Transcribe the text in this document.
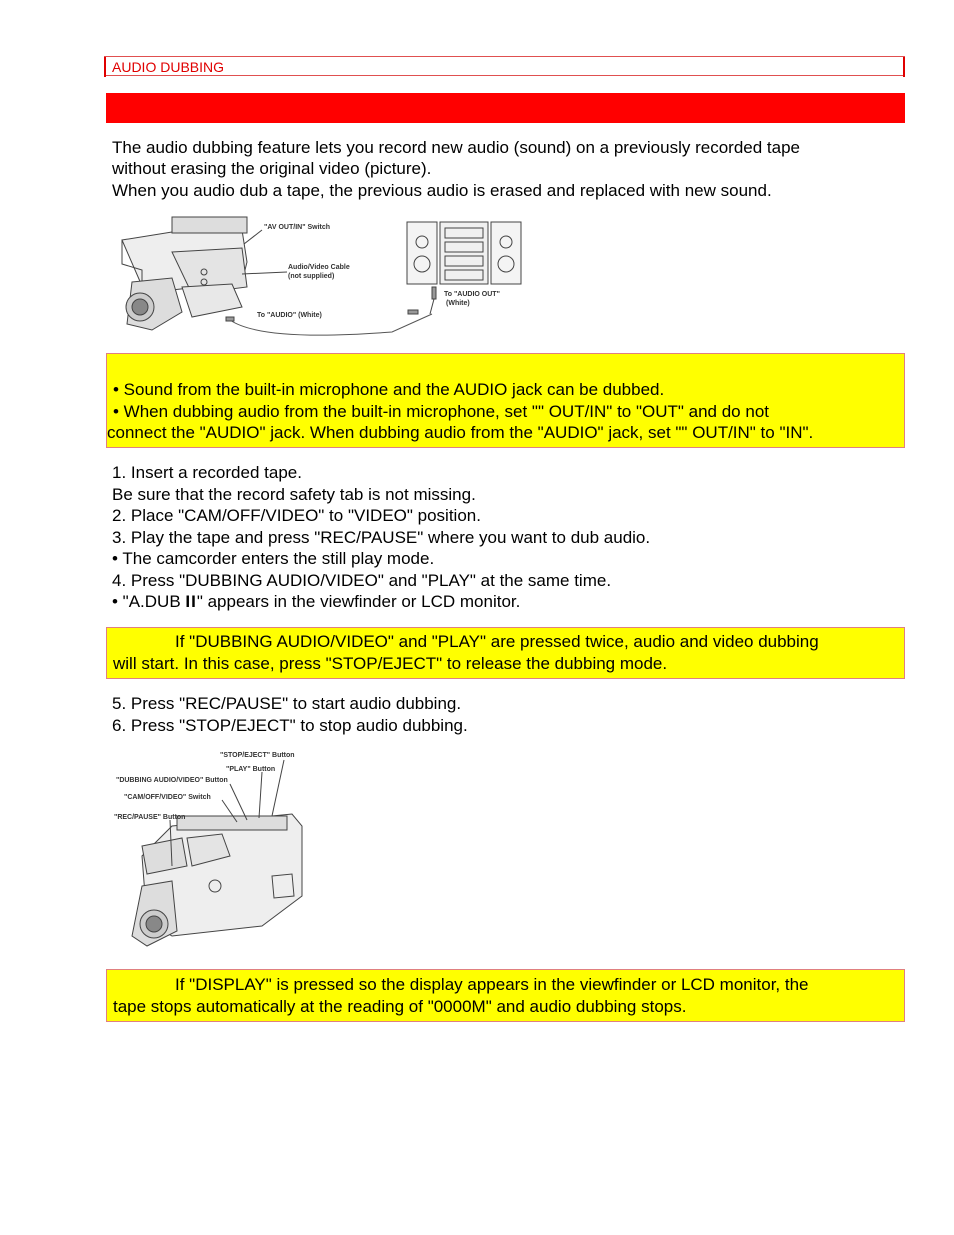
AUDIO DUBBING
The audio dubbing feature lets you record new audio (sound) on a previously recorded tape
without erasing the original video (picture).
When you audio dub a tape, the previous audio is erased and replaced with new sound.
"AV OUT/IN" Switch
Audio/Video Cable
(not supplied)
To "AUDIO OUT"
(White)
To "AUDIO" (White)
• Sound from the built-in microphone and the AUDIO jack can be dubbed.
• When dubbing audio from the built-in microphone, set "" OUT/IN" to "OUT" and do not
connect the "AUDIO" jack. When dubbing audio from the "AUDIO" jack, set "" OUT/IN" to "IN".
1. Insert a recorded tape.
Be sure that the record safety tab is not missing.
2. Place "CAM/OFF/VIDEO" to "VIDEO" position.
3. Play the tape and press "REC/PAUSE" where you want to dub audio.
• The camcorder enters the still play mode.
4. Press "DUBBING AUDIO/VIDEO" and "PLAY" at the same time.
• "A.DUB II" appears in the viewfinder or LCD monitor.
If "DUBBING AUDIO/VIDEO" and "PLAY" are pressed twice, audio and video dubbing
will start. In this case, press "STOP/EJECT" to release the dubbing mode.
5. Press "REC/PAUSE" to start audio dubbing.
6. Press "STOP/EJECT" to stop audio dubbing.
"STOP/EJECT" Button
"PLAY" Button
"DUBBING AUDIO/VIDEO" Button
"CAM/OFF/VIDEO" Switch
"REC/PAUSE" Button
If "DISPLAY" is pressed so the display appears in the viewfinder or LCD monitor, the
tape stops automatically at the reading of "0000M" and audio dubbing stops.
